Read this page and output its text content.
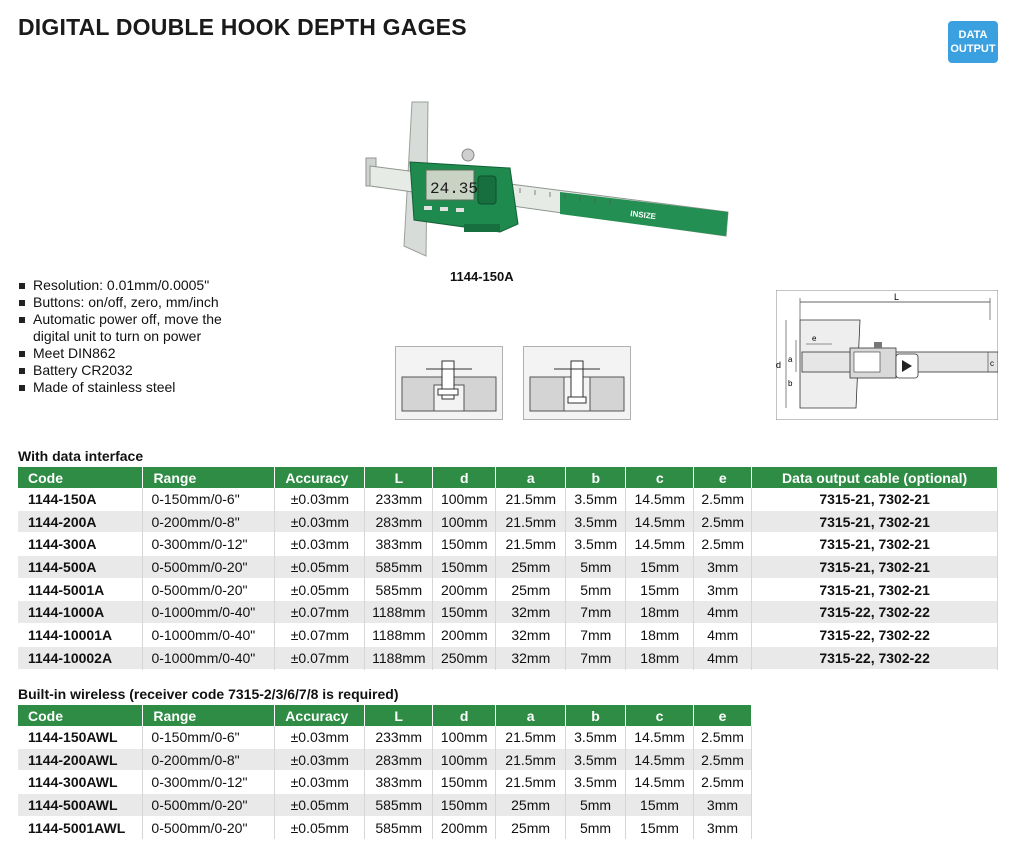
DIGITAL DOUBLE HOOK DEPTH GAGES	DATA
OUTPUT
INSIZE
24.35
1144-150A
Resolution: 0.01mm/0.0005"
Buttons: on/off, zero, mm/inch
Automatic power off, move the digital unit to turn on power
Meet DIN862
Battery CR2032
Made of stainless steel
L
d
a
b
e
c
With data interface
Code	Range	Accuracy	L	d	a	b	c	e	Data output cable (optional)
1144-150A	0-150mm/0-6"	±0.03mm	233mm	100mm	21.5mm	3.5mm	14.5mm	2.5mm	7315-21, 7302-21
1144-200A	0-200mm/0-8"	±0.03mm	283mm	100mm	21.5mm	3.5mm	14.5mm	2.5mm	7315-21, 7302-21
1144-300A	0-300mm/0-12"	±0.03mm	383mm	150mm	21.5mm	3.5mm	14.5mm	2.5mm	7315-21, 7302-21
1144-500A	0-500mm/0-20"	±0.05mm	585mm	150mm	25mm	5mm	15mm	3mm	7315-21, 7302-21
1144-5001A	0-500mm/0-20"	±0.05mm	585mm	200mm	25mm	5mm	15mm	3mm	7315-21, 7302-21
1144-1000A	0-1000mm/0-40"	±0.07mm	1188mm	150mm	32mm	7mm	18mm	4mm	7315-22, 7302-22
1144-10001A	0-1000mm/0-40"	±0.07mm	1188mm	200mm	32mm	7mm	18mm	4mm	7315-22, 7302-22
1144-10002A	0-1000mm/0-40"	±0.07mm	1188mm	250mm	32mm	7mm	18mm	4mm	7315-22, 7302-22
Built-in wireless (receiver code 7315-2/3/6/7/8 is required)
Code	Range	Accuracy	L	d	a	b	c	e
1144-150AWL	0-150mm/0-6"	±0.03mm	233mm	100mm	21.5mm	3.5mm	14.5mm	2.5mm
1144-200AWL	0-200mm/0-8"	±0.03mm	283mm	100mm	21.5mm	3.5mm	14.5mm	2.5mm
1144-300AWL	0-300mm/0-12"	±0.03mm	383mm	150mm	21.5mm	3.5mm	14.5mm	2.5mm
1144-500AWL	0-500mm/0-20"	±0.05mm	585mm	150mm	25mm	5mm	15mm	3mm
1144-5001AWL	0-500mm/0-20"	±0.05mm	585mm	200mm	25mm	5mm	15mm	3mm
